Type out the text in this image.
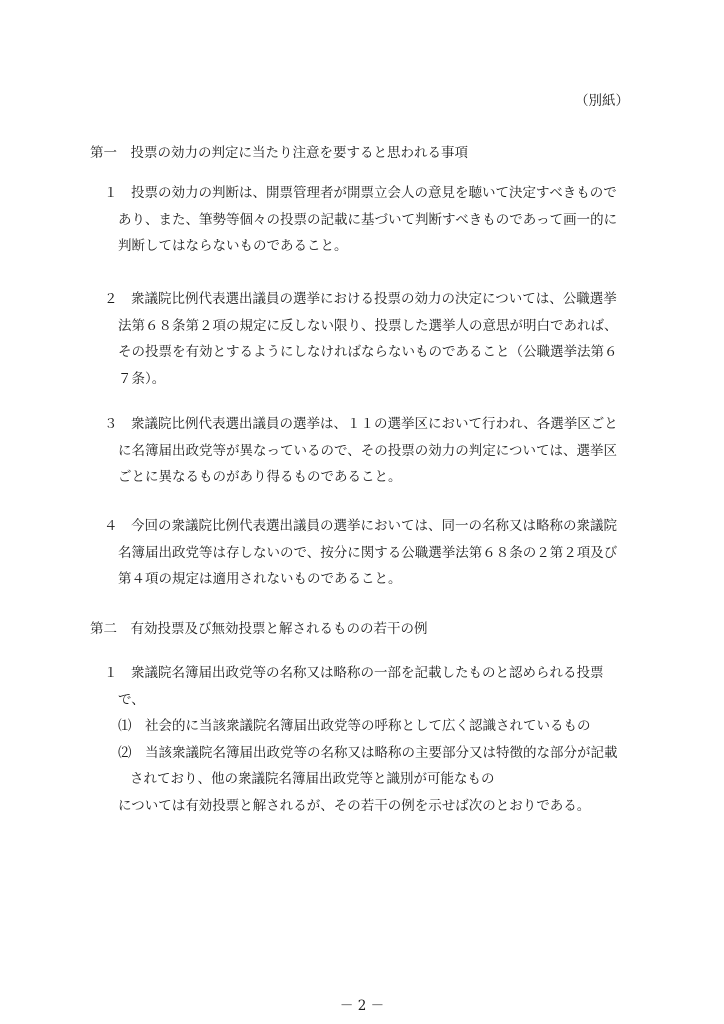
（別紙）
第一　投票の効力の判定に当たり注意を要すると思われる事項
１　投票の効力の判断は、開票管理者が開票立会人の意見を聴いて決定すべきもので
あり、また、筆勢等個々の投票の記載に基づいて判断すべきものであって画一的に
判断してはならないものであること。
２　衆議院比例代表選出議員の選挙における投票の効力の決定については、公職選挙
法第６８条第２項の規定に反しない限り、投票した選挙人の意思が明白であれば、
その投票を有効とするようにしなければならないものであること（公職選挙法第６
７条）。
３　衆議院比例代表選出議員の選挙は、１１の選挙区において行われ、各選挙区ごと
に名簿届出政党等が異なっているので、その投票の効力の判定については、選挙区
ごとに異なるものがあり得るものであること。
４　今回の衆議院比例代表選出議員の選挙においては、同一の名称又は略称の衆議院
名簿届出政党等は存しないので、按分に関する公職選挙法第６８条の２第２項及び
第４項の規定は適用されないものであること。
第二　有効投票及び無効投票と解されるものの若干の例
１　衆議院名簿届出政党等の名称又は略称の一部を記載したものと認められる投票
で、
⑴　社会的に当該衆議院名簿届出政党等の呼称として広く認識されているもの
⑵　当該衆議院名簿届出政党等の名称又は略称の主要部分又は特徴的な部分が記載
されており、他の衆議院名簿届出政党等と識別が可能なもの
については有効投票と解されるが、その若干の例を示せば次のとおりである。
－ 2 －
